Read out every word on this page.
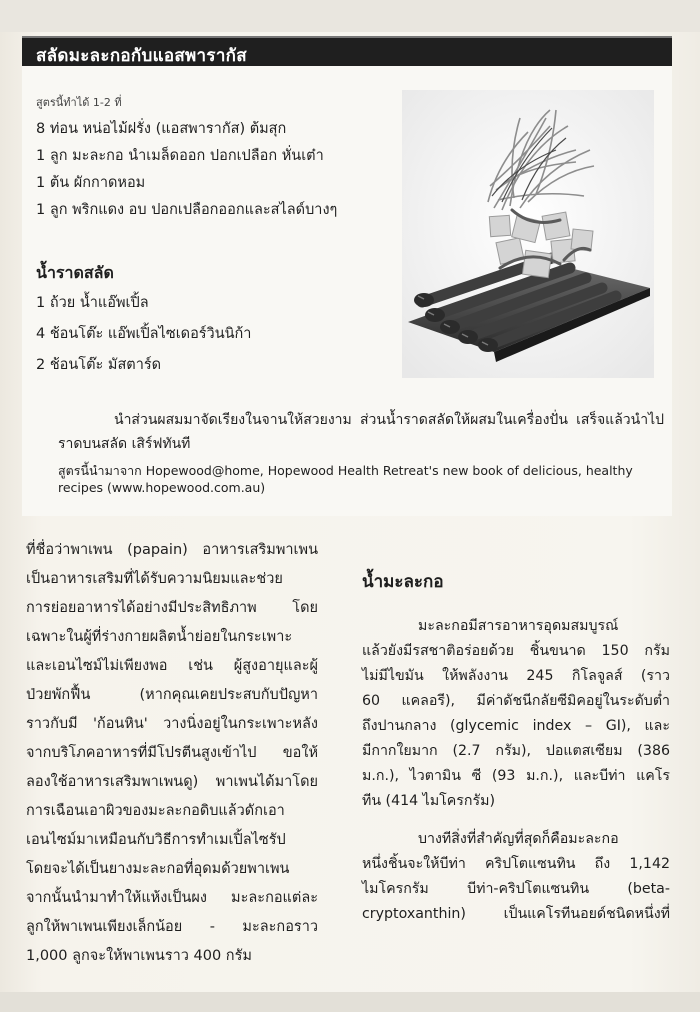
สลัดมะละกอกับแอสพารากัส
สูตรนี้ทำได้ 1-2 ที่
8 ท่อน หน่อไม้ฝรั่ง (แอสพารากัส) ต้มสุก
1 ลูก มะละกอ นำเมล็ดออก ปอกเปลือก หั่นเต๋า
1 ต้น ผักกาดหอม
1 ลูก พริกแดง อบ ปอกเปลือกออกและสไลด์บางๆ
น้ำราดสลัด
1 ถ้วย น้ำแอ๊พเปิ้ล
4 ช้อนโต๊ะ แอ๊พเปิ้ลไซเดอร์วินนิก้า
2 ช้อนโต๊ะ มัสตาร์ด
นำส่วนผสมมาจัดเรียงในจานให้สวยงาม ส่วนน้ำราดสลัดให้ผสมในเครื่องปั่น เสร็จแล้วนำไปราดบนสลัด เสิร์ฟทันที
สูตรนี้นำมาจาก Hopewood@home, Hopewood Health Retreat's new book of delicious, healthy recipes (www.hopewood.com.au)
ที่ชื่อว่าพาเพน (papain) อาหารเสริมพาเพน
เป็นอาหารเสริมที่ได้รับความนิยมและช่วย
การย่อยอาหารได้อย่างมีประสิทธิภาพ โดย
เฉพาะในผู้ที่ร่างกายผลิตน้ำย่อยในกระเพาะ
และเอนไซม์ไม่เพียงพอ เช่น ผู้สูงอายุและผู้
ป่วยพักฟื้น (หากคุณเคยประสบกับปัญหา
ราวกับมี 'ก้อนหิน' วางนิ่งอยู่ในกระเพาะหลัง
จากบริโภคอาหารที่มีโปรตีนสูงเข้าไป ขอให้
ลองใช้อาหารเสริมพาเพนดู) พาเพนได้มาโดย
การเฉือนเอาผิวของมะละกอดิบแล้วดักเอา
เอนไซม์มาเหมือนกับวิธีการทำเมเปิ้ลไซรัป
โดยจะได้เป็นยางมะละกอที่อุดมด้วยพาเพน
จากนั้นนำมาทำให้แห้งเป็นผง มะละกอแต่ละ
ลูกให้พาเพนเพียงเล็กน้อย - มะละกอราว
1,000 ลูกจะให้พาเพนราว 400 กรัม
น้ำมะละกอ
มะละกอมีสารอาหารอุดมสมบูรณ์
แล้วยังมีรสชาติอร่อยด้วย ชิ้นขนาด 150 กรัม
ไม่มีไขมัน ให้พลังงาน 245 กิโลจูลส์ (ราว
60 แคลอรี), มีค่าดัชนีกลัยซีมิคอยู่ในระดับต่ำ
ถึงปานกลาง (glycemic index – GI), และ
มีกากใยมาก (2.7 กรัม), ปอแตสเซียม (386
ม.ก.), ไวตามิน ซี (93 ม.ก.), และบีท่า แคโร
ทีน (414 ไมโครกรัม)
บางทีสิ่งที่สำคัญที่สุดก็คือมะละกอ
หนึ่งชิ้นจะให้บีท่า คริปโตแซนทิน ถึง 1,142
ไมโครกรัม บีท่า-คริปโตแซนทิน (beta-
cryptoxanthin) เป็นแคโรทีนอยด์ชนิดหนึ่งที่
